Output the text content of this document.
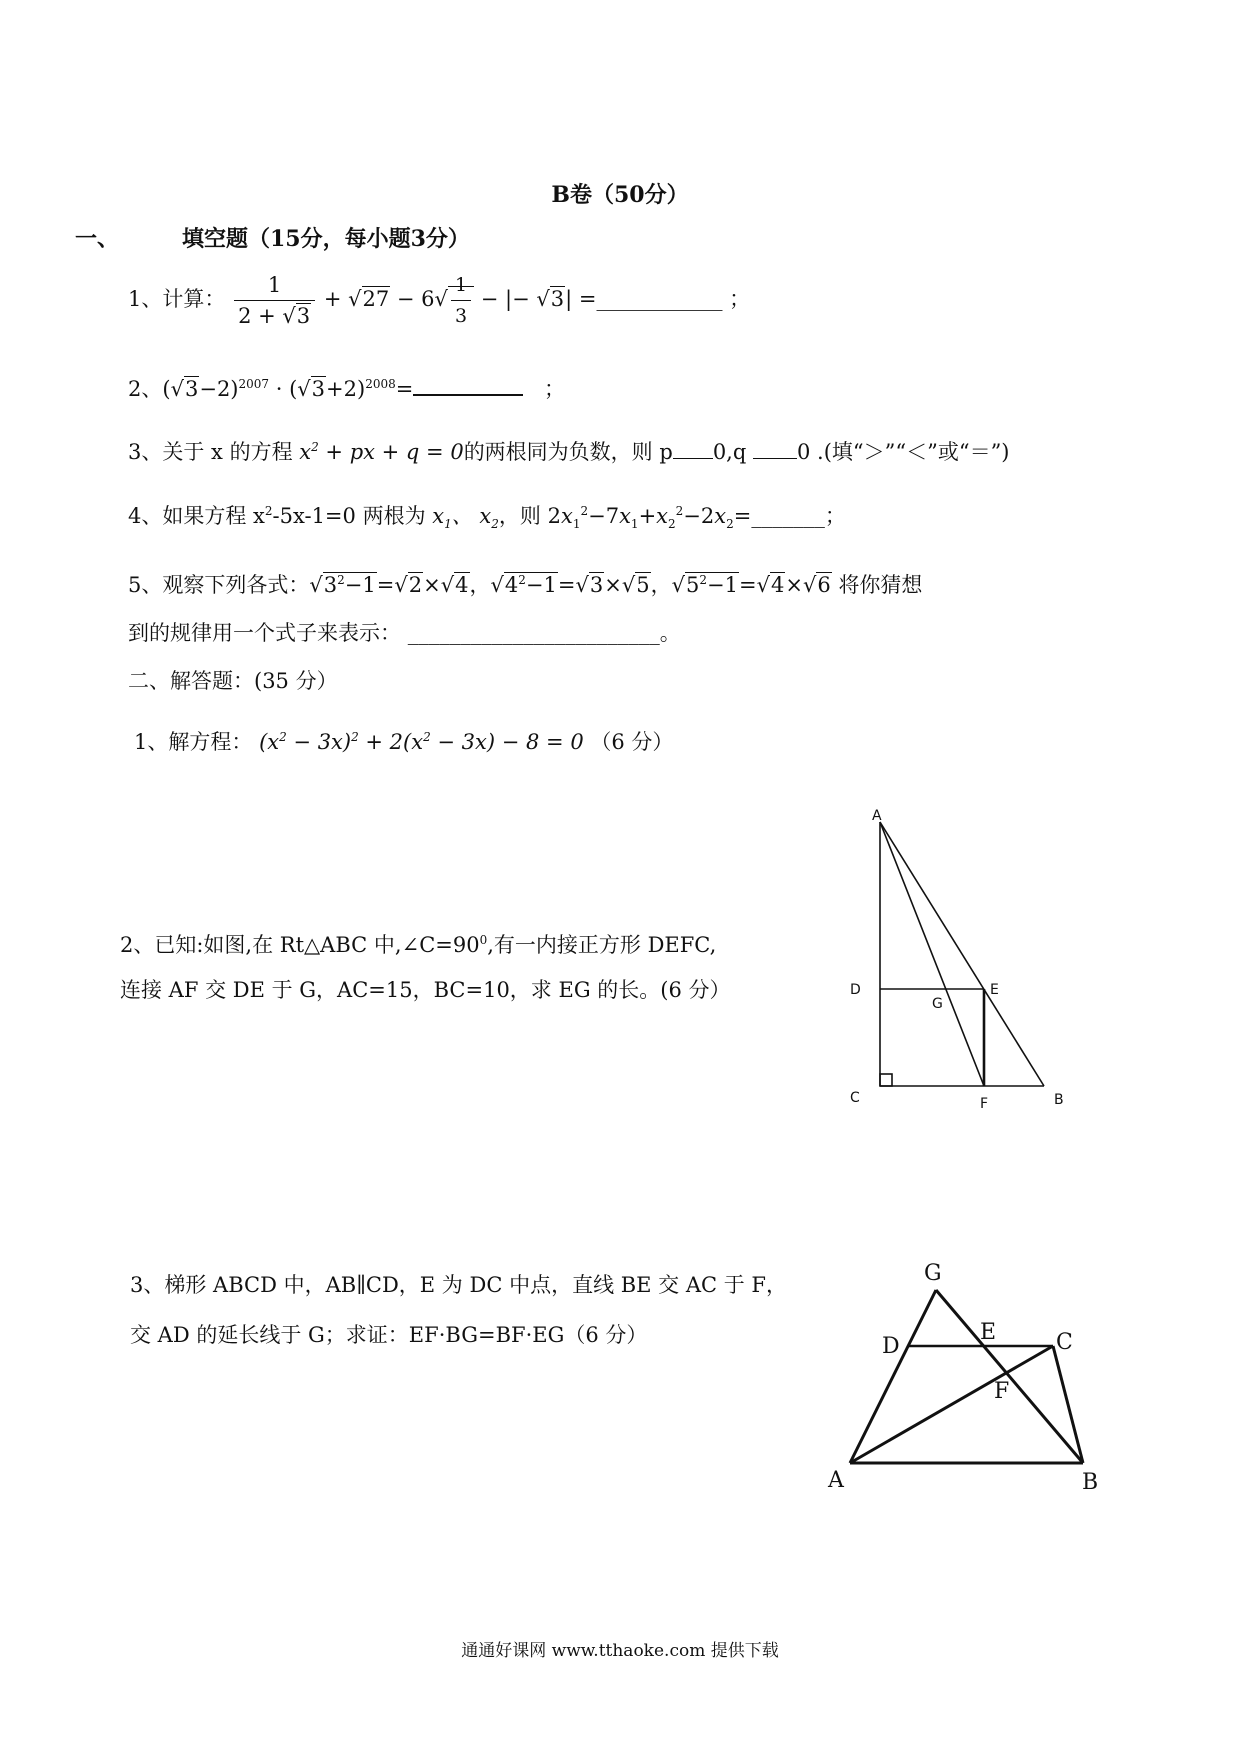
B卷（50分）
一、	填空题（15分，每小题3分）
1、计算： $\frac{1}{2 + √3} + √27 - 6√ \frac{1}{3}$ − |− √3| =____________ ；
2、$(√3-2)^{2007} \cdot (√3+2)^{2008}=$	；
3、关于 x 的方程 $x^2$ + px + q = 0的两根同为负数，则 p 0,q 0 .(填“＞”“＜”或“＝”)
4、如果方程 $x^2-5x-1=0$ 两根为 $x_1$、 $x_2$，则 $2x_1^2-7x_1+x_2^2-2x_2=\_\_\_\_\_\_\_$；
5、观察下列各式：$√3^2-1=√2\times√4$，$√4^2-1=√3\times√5$，$√5^2-1=√4\times√6$ 将你猜想
到的规律用一个式子来表示： ________________________。
二、解答题：(35 分）
1、解方程： $(x^2 - 3x)^2 + 2(x^2 - 3x) - 8 = 0$ （6 分）
2、已知:如图,在 Rt△ABC 中$,\angle C=90^0$,有一内接正方形 DEFC,
连接 AF 交 DE 于 G，AC=15，BC=10，求 EG 的长。(6 分）
3、梯形 ABCD 中，AB∥CD，E 为 DC 中点，直线 BE 交 AC 于 F，
交 AD 的延长线于 G；求证：EF·BG=BF·EG（6 分）
A
B
C
D	E
F
G
A	B
C
D
E
F
G
通通好课网 www.tthaoke.com 提供下载
